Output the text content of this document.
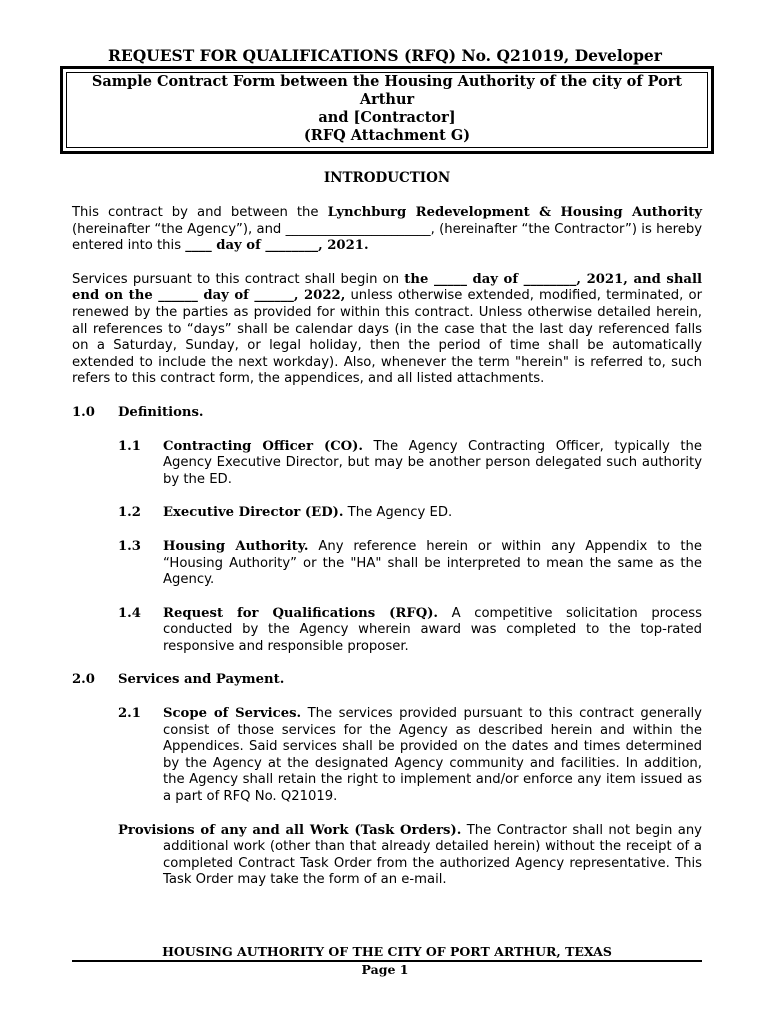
REQUEST FOR QUALIFICATIONS (RFQ) No. Q21019, Developer
Sample Contract Form between the Housing Authority of the city of Port
Arthur
and [Contractor]
(RFQ Attachment G)
INTRODUCTION

This contract by and between the Lynchburg Redevelopment & Housing Authority (hereinafter “the Agency”), and ______________________, (hereinafter “the Contractor”) is hereby entered into this ____ day of ________, 2021.

Services pursuant to this contract shall begin on the _____ day of ________, 2021, and shall end on the ______ day of ______, 2022, unless otherwise extended, modified, terminated, or renewed by the parties as provided for within this contract. Unless otherwise detailed herein, all references to “days” shall be calendar days (in the case that the last day referenced falls on a Saturday, Sunday, or legal holiday, then the period of time shall be automatically extended to include the next workday). Also, whenever the term "herein" is referred to, such refers to this contract form, the appendices, and all listed attachments.

1.0 Definitions.
1.1 Contracting Officer (CO). The Agency Contracting Officer, typically the Agency Executive Director, but may be another person delegated such authority by the ED.
1.2 Executive Director (ED). The Agency ED.
1.3 Housing Authority. Any reference herein or within any Appendix to the “Housing Authority” or the "HA" shall be interpreted to mean the same as the Agency.
1.4 Request for Qualifications (RFQ). A competitive solicitation process conducted by the Agency wherein award was completed to the top-rated responsive and responsible proposer.
2.0 Services and Payment.
2.1 Scope of Services. The services provided pursuant to this contract generally consist of those services for the Agency as described herein and within the Appendices. Said services shall be provided on the dates and times determined by the Agency at the designated Agency community and facilities. In addition, the Agency shall retain the right to implement and/or enforce any item issued as a part of RFQ No. Q21019.
Provisions of any and all Work (Task Orders). The Contractor shall not begin any additional work (other than that already detailed herein) without the receipt of a completed Contract Task Order from the authorized Agency representative. This Task Order may take the form of an e-mail.
HOUSING AUTHORITY OF THE CITY OF PORT ARTHUR, TEXAS
Page 1
